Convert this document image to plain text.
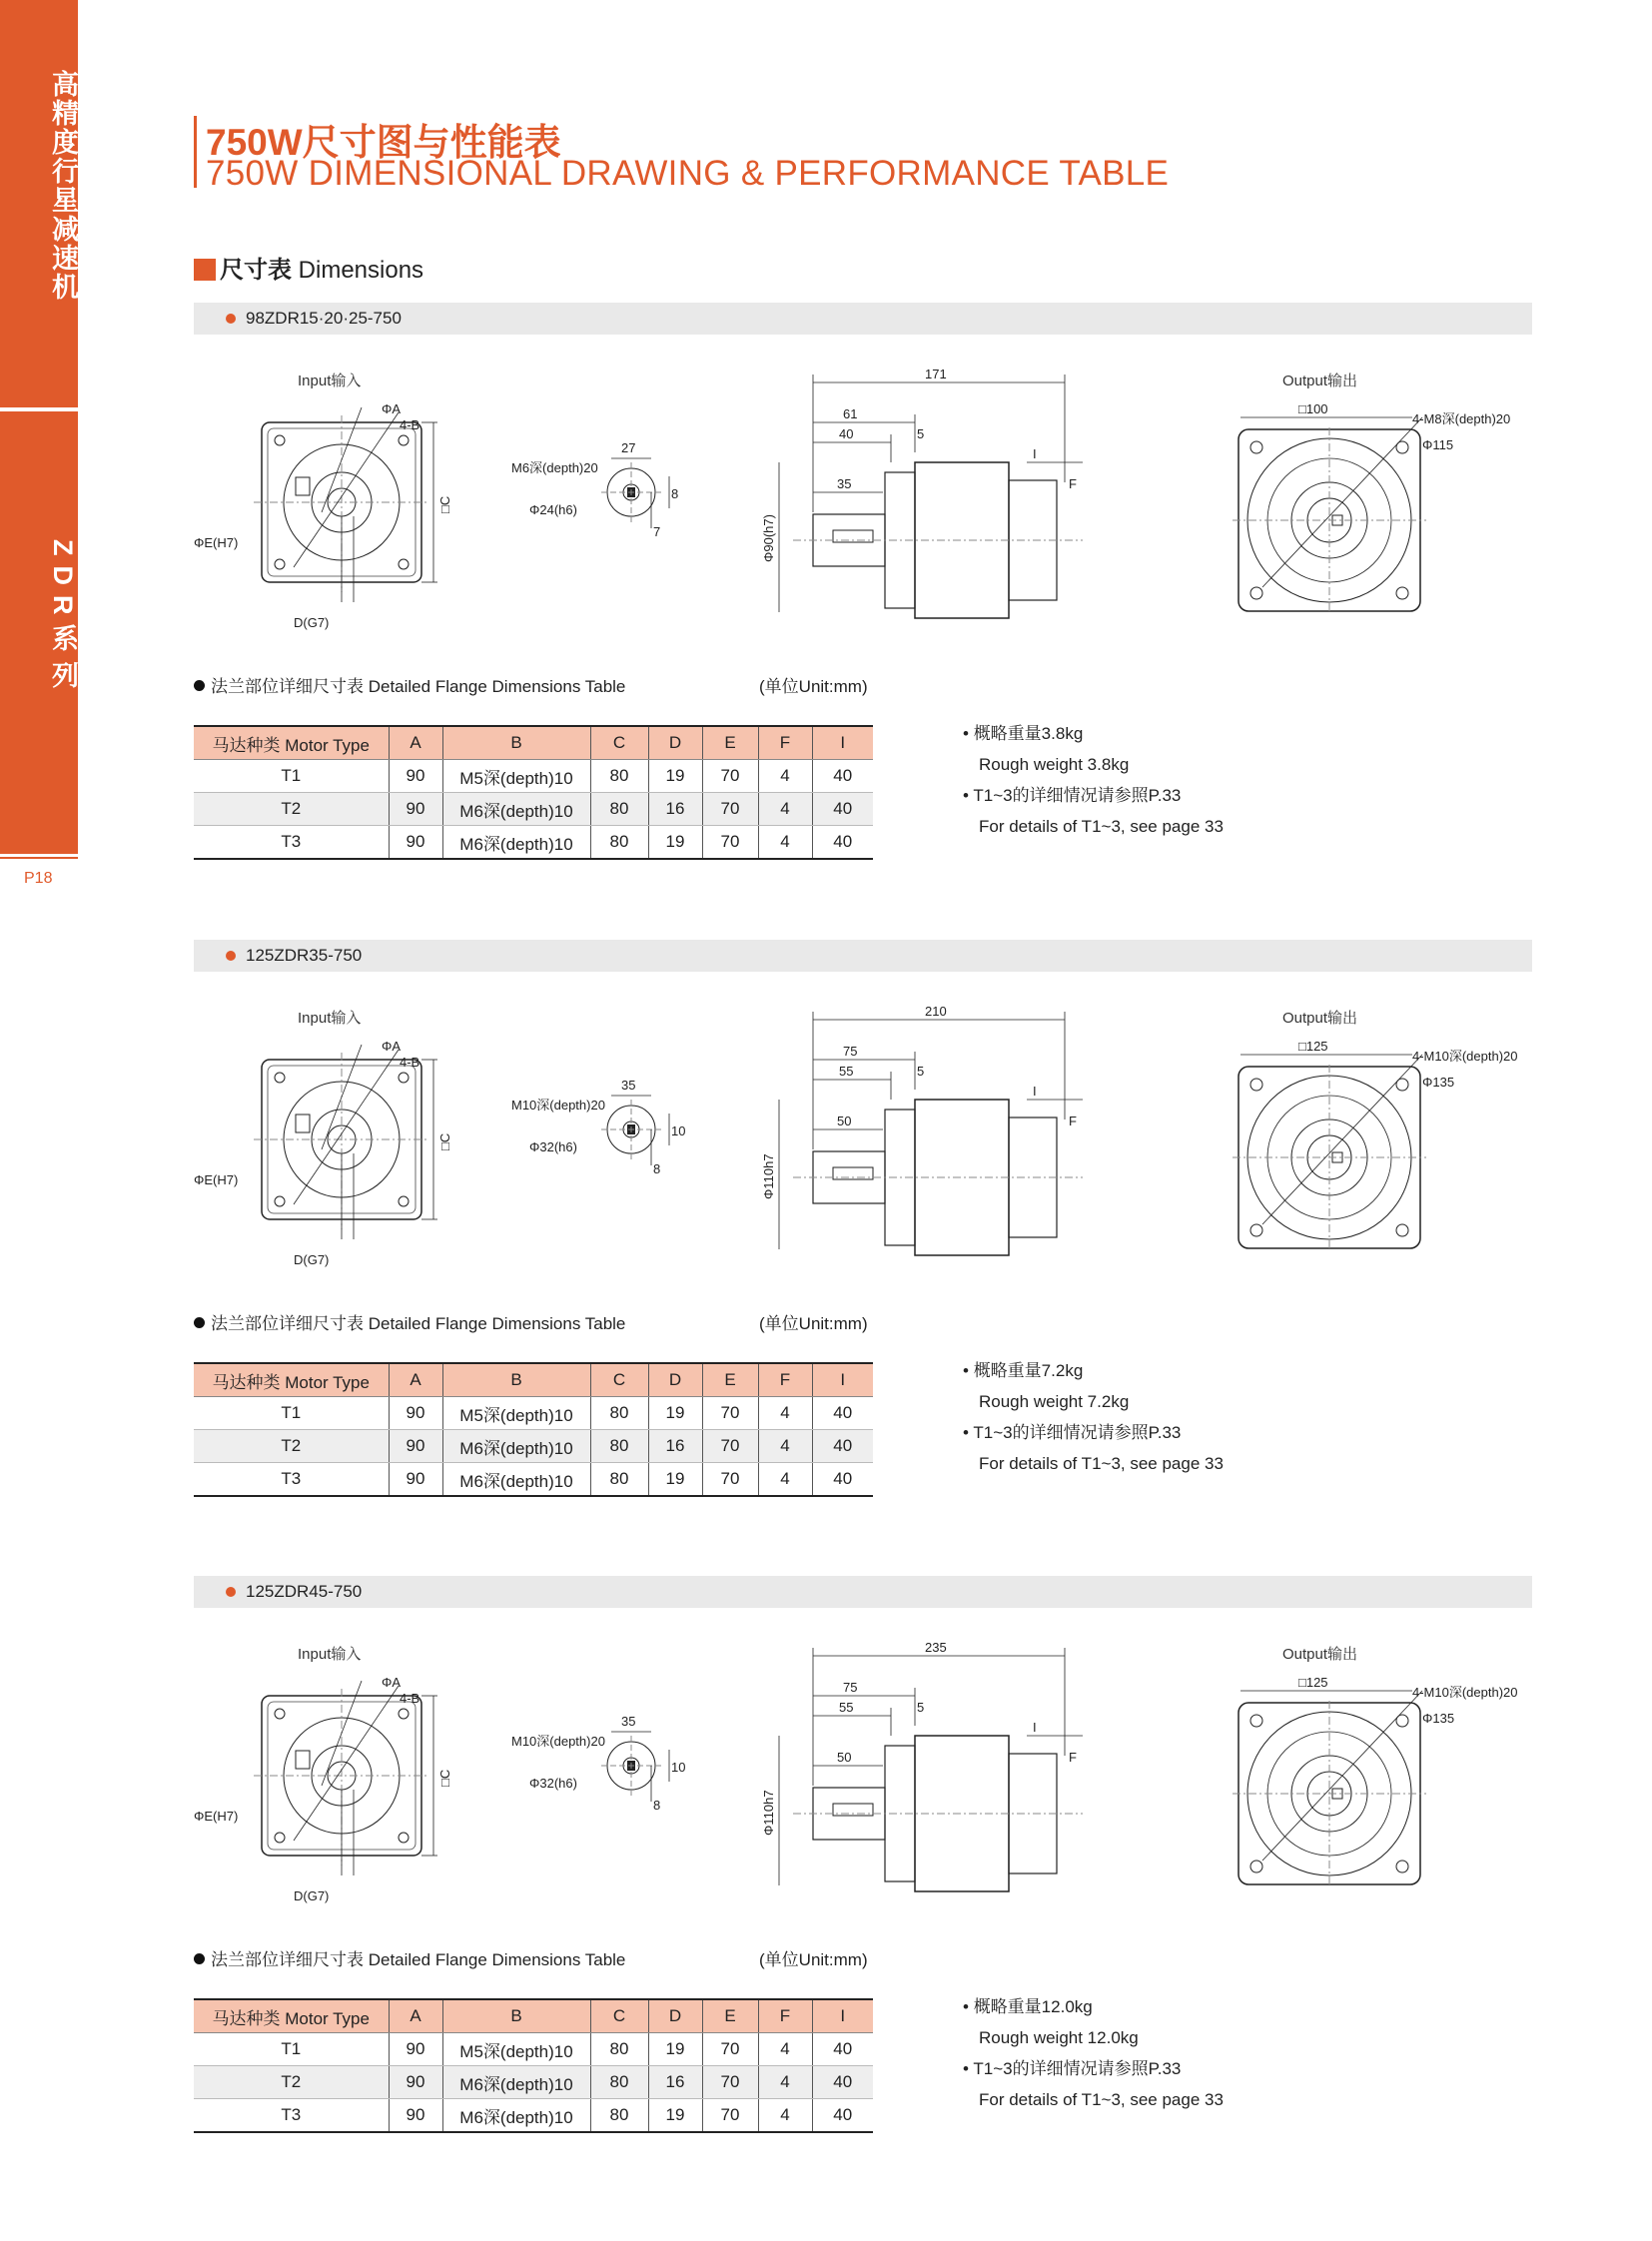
高精度行星减速机
ZDR系列
P18
750W尺寸图与性能表
750W DIMENSIONAL DRAWING & PERFORMANCE TABLE
尺寸表 Dimensions
98ZDR15·20·25-750
Input输入
ΦA
4-B
□C
ΦE(H7)
D(G7)
27
M6深(depth)20
Φ24(h6)
8
7
171
61
40	5
35
I
F
Φ90(h7)
Output输出
□100
4-M8深(depth)20
Φ115
法兰部位详细尺寸表 Detailed Flange Dimensions Table	(单位Unit:mm)
马达种类 Motor Type	A	B	C	D	E	F	I
T1	90	M5深(depth)10	80	19	70	4	40
T2	90	M6深(depth)10	80	16	70	4	40
T3	90	M6深(depth)10	80	19	70	4	40
• 概略重量3.8kg
Rough weight 3.8kg
• T1~3的详细情况请参照P.33
For details of T1~3, see page 33
125ZDR35-750
Input输入
ΦA
4-B
□C
ΦE(H7)
D(G7)
35
M10深(depth)20
Φ32(h6)
10
8
210
75
55	5
50
I
F
Φ110h7
Output输出
□125
4-M10深(depth)20
Φ135
法兰部位详细尺寸表 Detailed Flange Dimensions Table	(单位Unit:mm)
马达种类 Motor Type	A	B	C	D	E	F	I
T1	90	M5深(depth)10	80	19	70	4	40
T2	90	M6深(depth)10	80	16	70	4	40
T3	90	M6深(depth)10	80	19	70	4	40
• 概略重量7.2kg
Rough weight 7.2kg
• T1~3的详细情况请参照P.33
For details of T1~3, see page 33
125ZDR45-750
Input输入
ΦA
4-B
□C
ΦE(H7)
D(G7)
35
M10深(depth)20
Φ32(h6)
10
8
235
75
55	5
50
I
F
Φ110h7
Output输出
□125
4-M10深(depth)20
Φ135
法兰部位详细尺寸表 Detailed Flange Dimensions Table	(单位Unit:mm)
马达种类 Motor Type	A	B	C	D	E	F	I
T1	90	M5深(depth)10	80	19	70	4	40
T2	90	M6深(depth)10	80	16	70	4	40
T3	90	M6深(depth)10	80	19	70	4	40
• 概略重量12.0kg
Rough weight 12.0kg
• T1~3的详细情况请参照P.33
For details of T1~3, see page 33
